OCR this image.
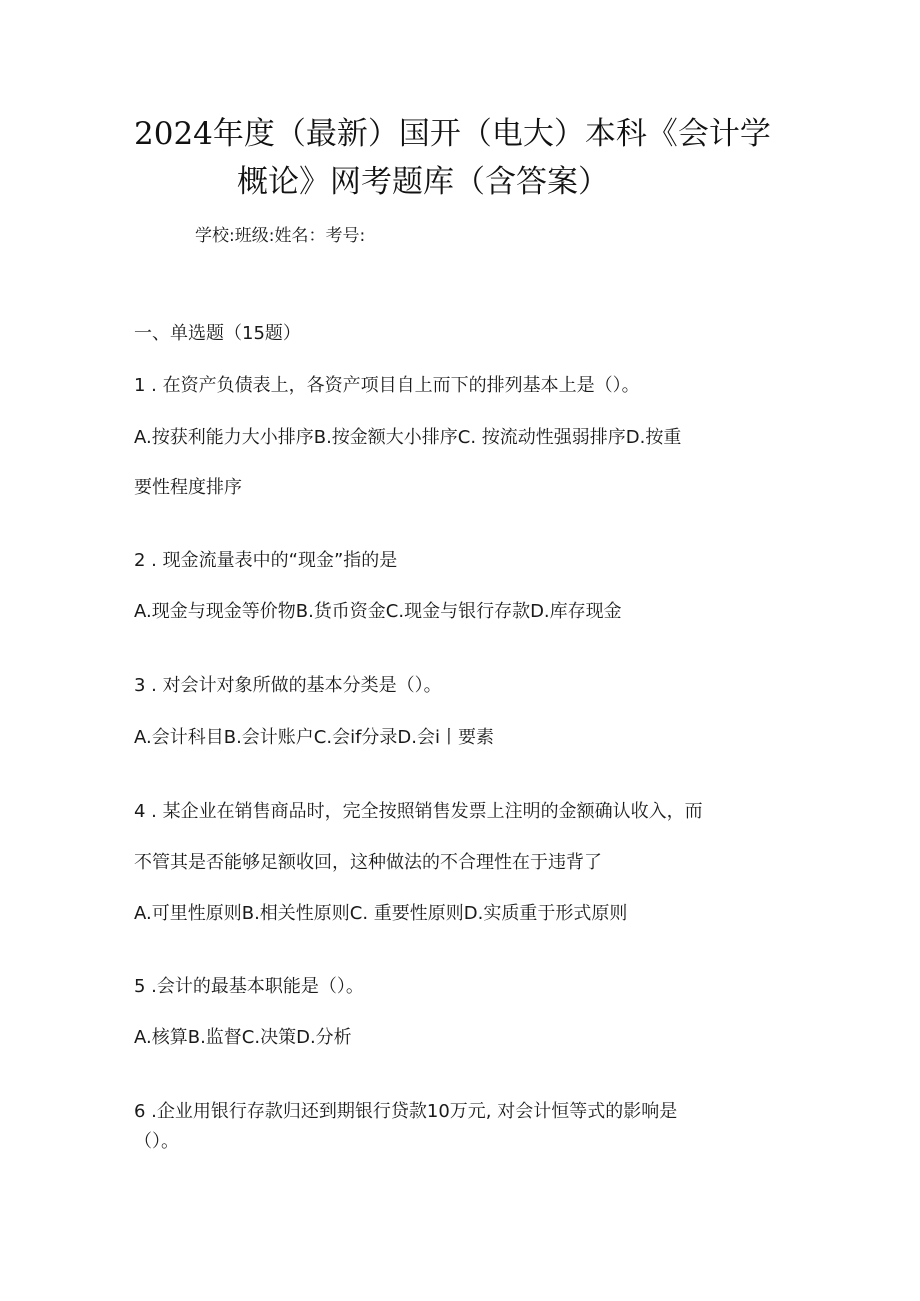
2024年度（最新）国开（电大）本科《会计学
概论》网考题库（含答案）
学校:班级:姓名：考号:
一、单选题（15题）
1 . 在资产负债表上，各资产项目自上而下的排列基本上是（）。
A.按获利能力大小排序B.按金额大小排序C. 按流动性强弱排序D.按重
要性程度排序
2 . 现金流量表中的“现金”指的是
A.现金与现金等价物B.货币资金C.现金与银行存款D.库存现金
3 . 对会计对象所做的基本分类是（）。
A.会计科目B.会计账户C.会if分录D.会i丨要素
4 . 某企业在销售商品时，完全按照销售发票上注明的金额确认收入，而
不管其是否能够足额收回，这种做法的不合理性在于违背了
A.可里性原则B.相关性原则C. 重要性原则D.实质重于形式原则
5 .会计的最基本职能是（）。
A.核算B.监督C.决策D.分析
6 .企业用银行存款归还到期银行贷款10万元, 对会计恒等式的影响是
（）。
